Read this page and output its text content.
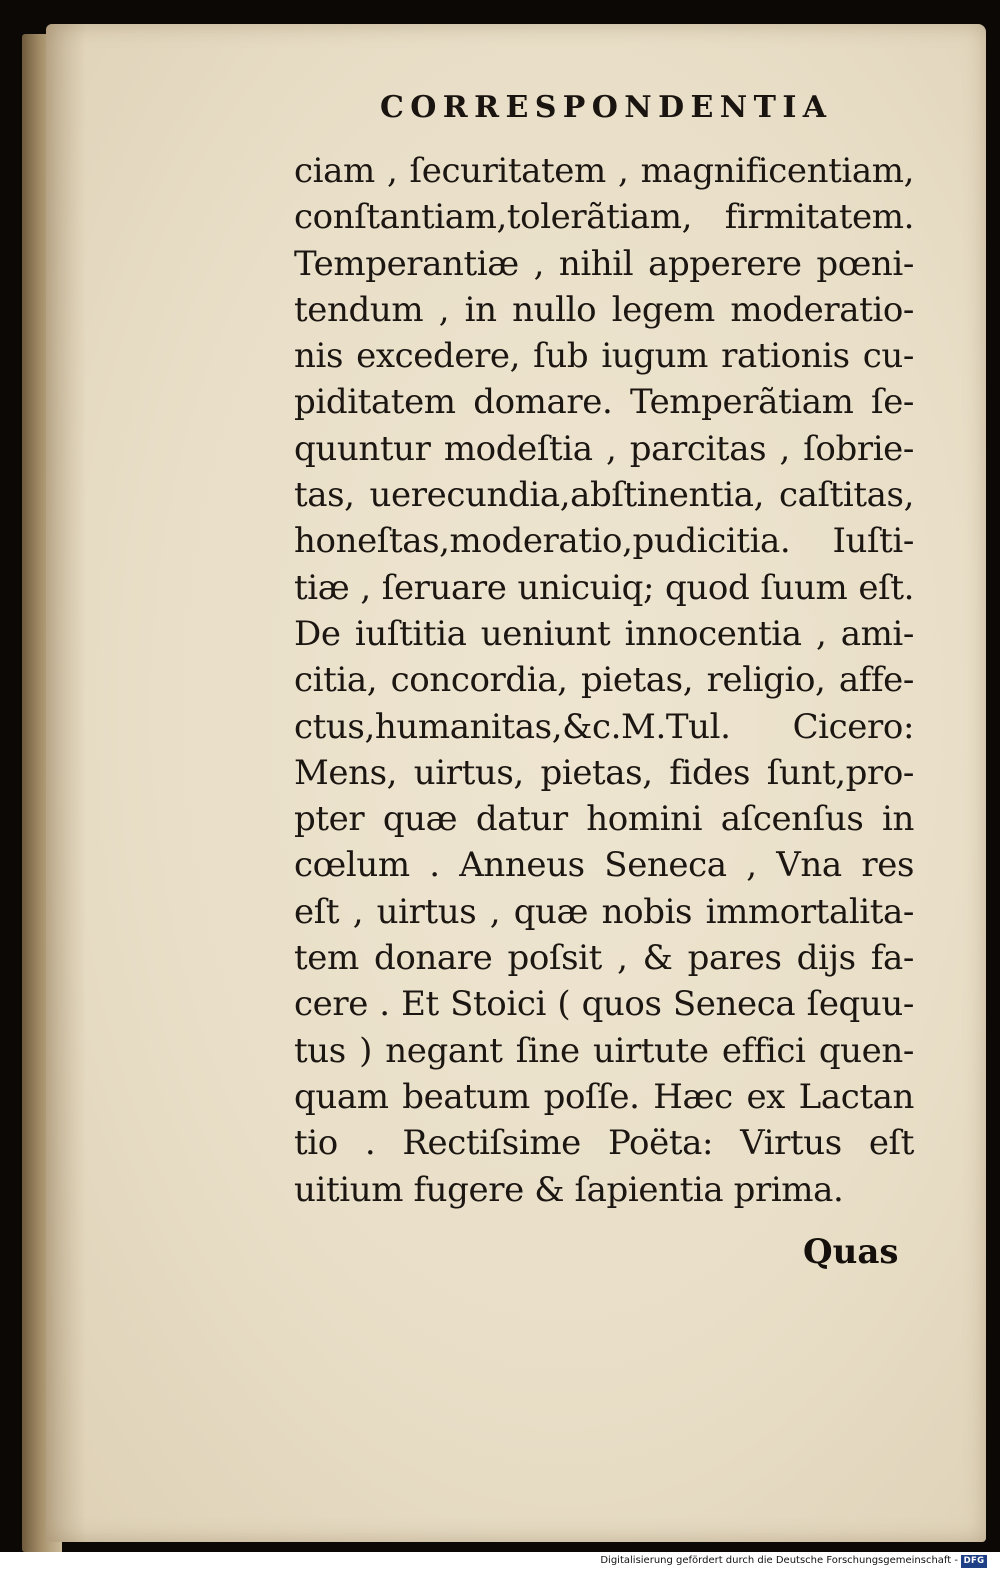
CORRESPONDENTIA
ciam , ſecuritatem , magnificentiam,
conſtantiam,tolerãtiam, firmitatem.
Temperantiæ , nihil apperere pœni-
tendum , in nullo legem moderatio-
nis excedere, ſub iugum rationis cu-
piditatem domare. Temperãtiam ſe-
quuntur modeſtia , parcitas , ſobrie-
tas, uerecundia,abſtinentia, caſtitas,
honeſtas,moderatio,pudicitia. Iuſti-
tiæ , ſeruare unicuiq; quod ſuum eſt.
De iuſtitia ueniunt innocentia , ami-
citia, concordia, pietas, religio, affe-
ctus,humanitas,&c.M.Tul. Cicero:
Mens, uirtus, pietas, fides ſunt,pro-
pter quæ datur homini aſcenſus in
cœlum . Anneus Seneca , Vna res
eſt , uirtus , quæ nobis immortalita-
tem donare poſsit , & pares dijs fa-
cere . Et Stoici ( quos Seneca ſequu-
tus ) negant ſine uirtute effici quen-
quam beatum poſſe. Hæc ex Lactan
tio . Rectiſsime Poëta: Virtus eſt
uitium fugere & ſapientia prima.

Quas

Digitalisierung gefördert durch die Deutsche Forschungsgemeinschaft - DFG
